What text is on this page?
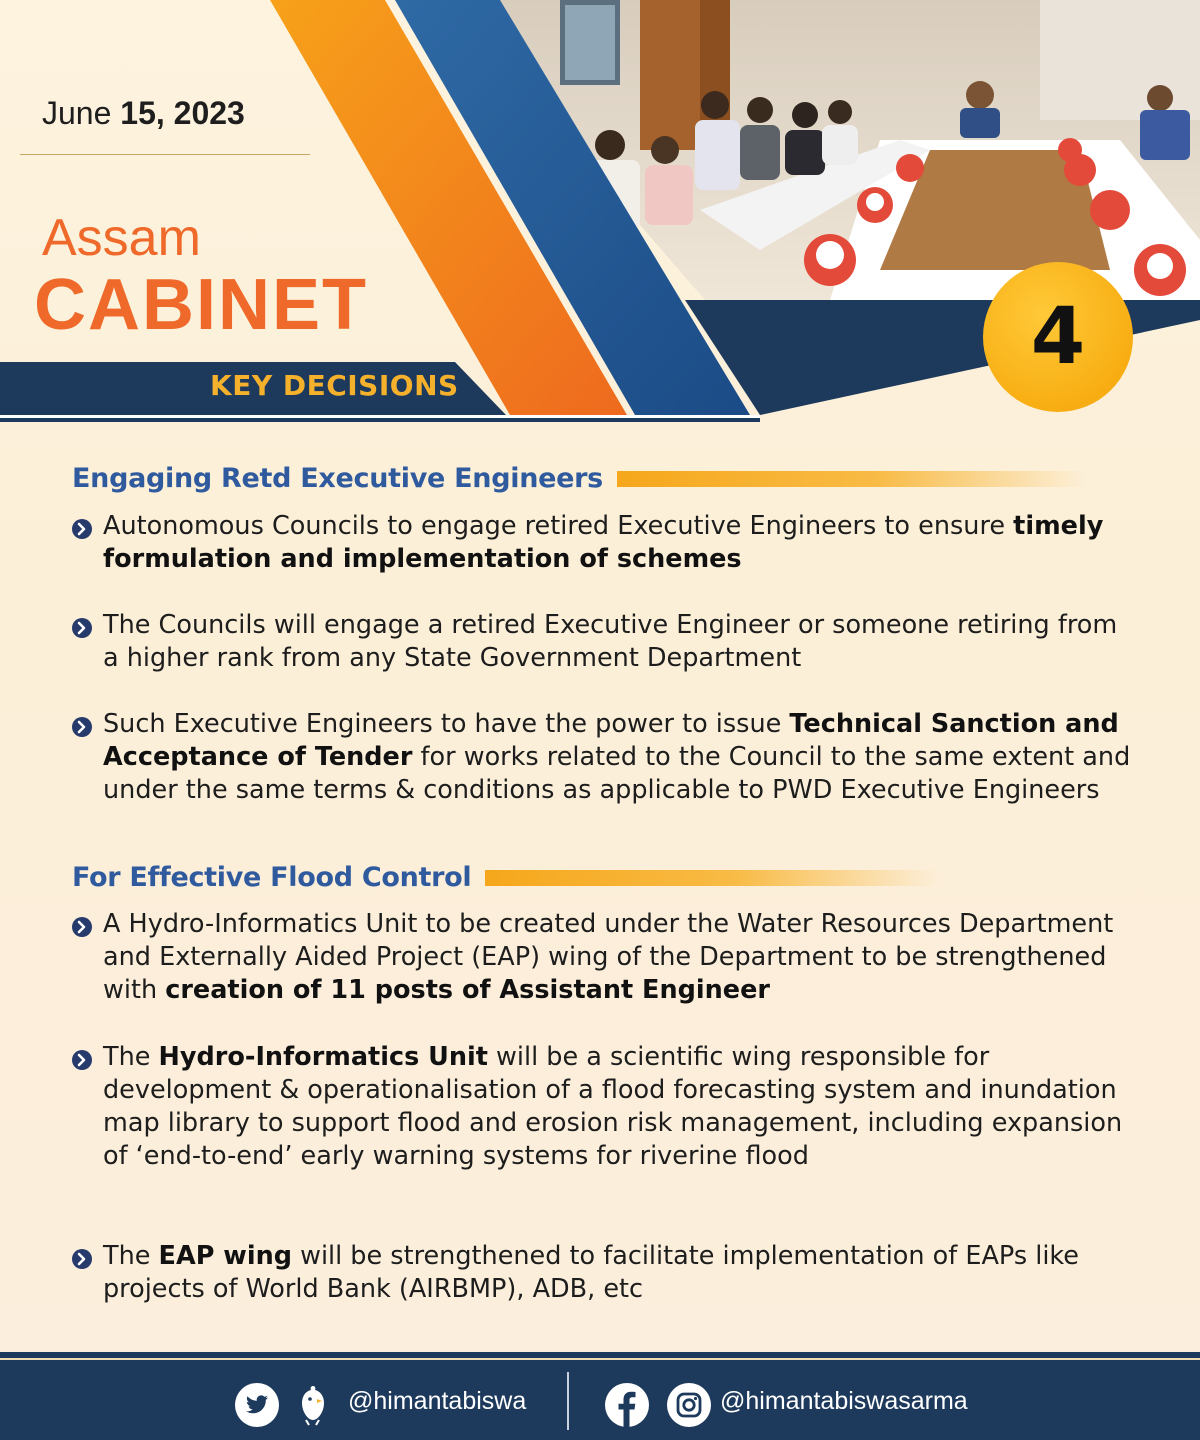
June 15, 2023
Assam
CABINET
KEY DECISIONS
4
Engaging Retd Executive Engineers
Autonomous Councils to engage retired Executive Engineers to ensure timely formulation and implementation of schemes
The Councils will engage a retired Executive Engineer or someone retiring from a higher rank from any State Government Department
Such Executive Engineers to have the power to issue Technical Sanction and Acceptance of Tender for works related to the Council to the same extent and under the same terms & conditions as applicable to PWD Executive Engineers
For Effective Flood Control
A Hydro-Informatics Unit to be created under the Water Resources Department and Externally Aided Project (EAP) wing of the Department to be strengthened with creation of 11 posts of Assistant Engineer
The Hydro-Informatics Unit will be a scientific wing responsible for development & operationalisation of a flood forecasting system and inundation map library to support flood and erosion risk management, including expansion of ‘end-to-end’ early warning systems for riverine flood
The EAP wing will be strengthened to facilitate implementation of EAPs like projects of World Bank (AIRBMP), ADB, etc
@himantabiswa	@himantabiswasarma
